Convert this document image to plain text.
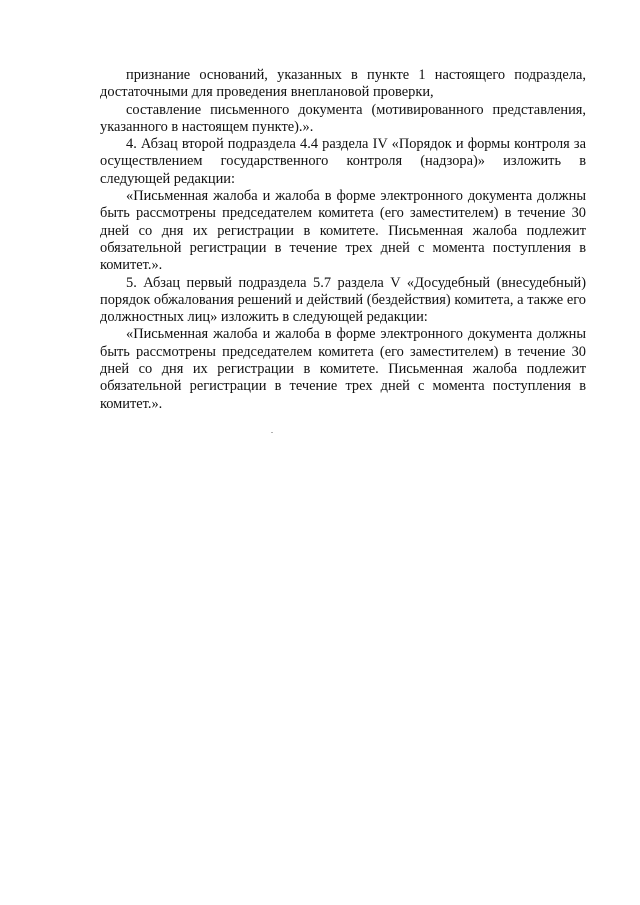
признание оснований, указанных в пункте 1 настоящего подраздела, достаточными для проведения внеплановой проверки,

составление письменного документа (мотивированного представления, указанного в настоящем пункте).».

4. Абзац второй подраздела 4.4 раздела IV «Порядок и формы контроля за осуществлением государственного контроля (надзора)» изложить в следующей редакции:

«Письменная жалоба и жалоба в форме электронного документа должны быть рассмотрены председателем комитета (его заместителем) в течение 30 дней со дня их регистрации в комитете. Письменная жалоба подлежит обязательной регистрации в течение трех дней с момента поступления в комитет.».

5. Абзац первый подраздела 5.7 раздела V «Досудебный (внесудебный) порядок обжалования решений и действий (бездействия) комитета, а также его должностных лиц» изложить в следующей редакции:

«Письменная жалоба и жалоба в форме электронного документа должны быть рассмотрены председателем комитета (его заместителем) в течение 30 дней со дня их регистрации в комитете. Письменная жалоба подлежит обязательной регистрации в течение трех дней с момента поступления в комитет.».
